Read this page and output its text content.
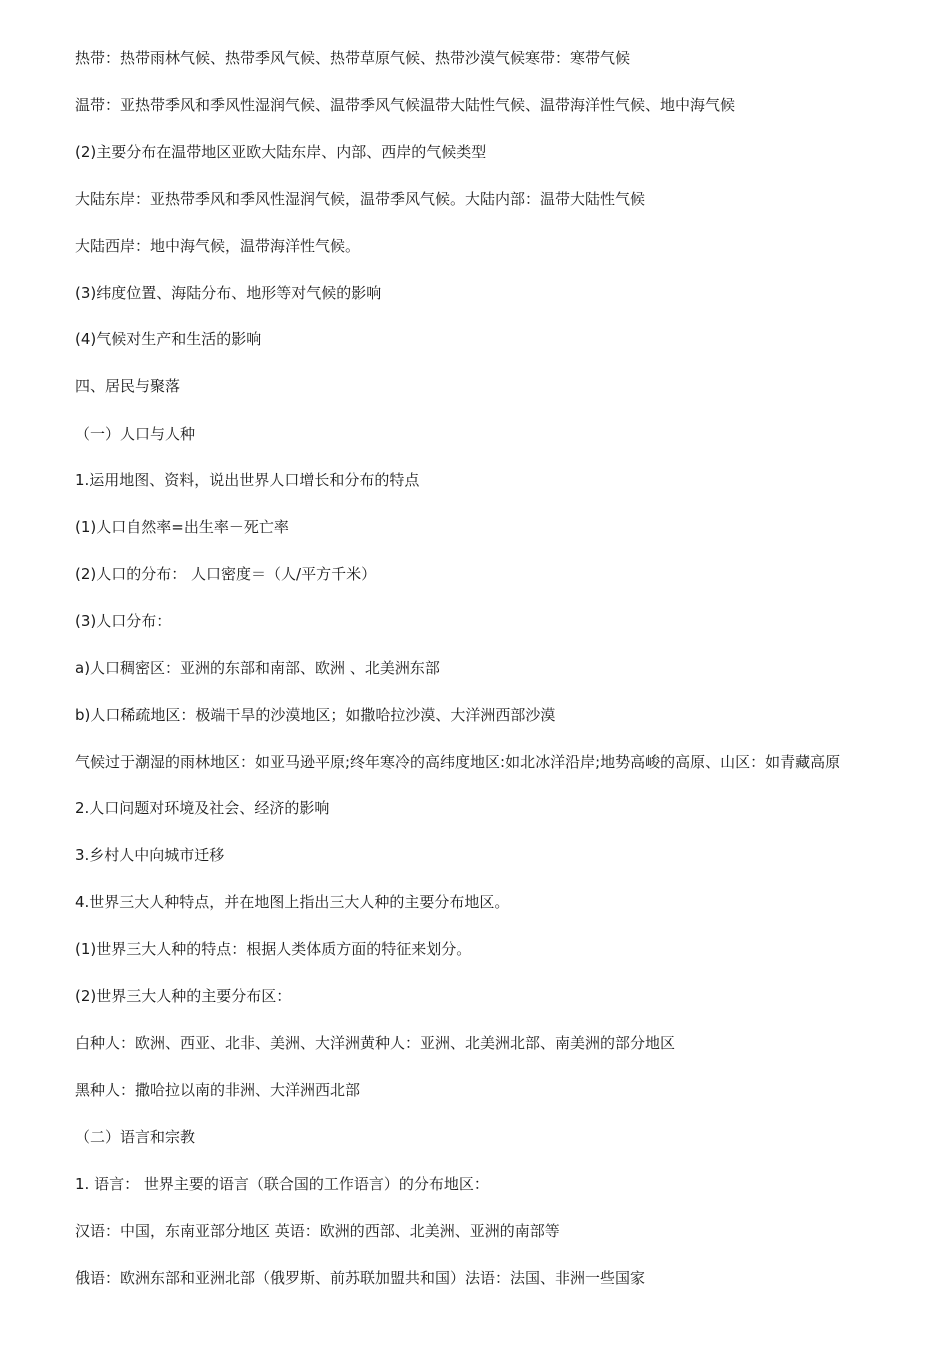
热带：热带雨林气候、热带季风气候、热带草原气候、热带沙漠气候寒带：寒带气候
温带：亚热带季风和季风性湿润气候、温带季风气候温带大陆性气候、温带海洋性气候、地中海气候
(2)主要分布在温带地区亚欧大陆东岸、内部、西岸的气候类型
大陆东岸：亚热带季风和季风性湿润气候，温带季风气候。大陆内部：温带大陆性气候
大陆西岸：地中海气候，温带海洋性气候。
(3)纬度位置、海陆分布、地形等对气候的影响
(4)气候对生产和生活的影响
四、居民与聚落
（一）人口与人种
1.运用地图、资料，说出世界人口增长和分布的特点
(1)人口自然率=出生率－死亡率
(2)人口的分布： 人口密度＝（人/平方千米）
(3)人口分布：
a)人口稠密区：亚洲的东部和南部、欧洲 、北美洲东部
b)人口稀疏地区：极端干旱的沙漠地区；如撒哈拉沙漠、大洋洲西部沙漠
气候过于潮湿的雨林地区：如亚马逊平原;终年寒冷的高纬度地区:如北冰洋沿岸;地势高峻的高原、山区：如青藏高原
2.人口问题对环境及社会、经济的影响
3.乡村人中向城市迁移
4.世界三大人种特点，并在地图上指出三大人种的主要分布地区。
(1)世界三大人种的特点：根据人类体质方面的特征来划分。
(2)世界三大人种的主要分布区：
白种人：欧洲、西亚、北非、美洲、大洋洲黄种人：亚洲、北美洲北部、南美洲的部分地区
黑种人：撒哈拉以南的非洲、大洋洲西北部
（二）语言和宗教
1. 语言： 世界主要的语言（联合国的工作语言）的分布地区：
汉语：中国，东南亚部分地区 英语：欧洲的西部、北美洲、亚洲的南部等
俄语：欧洲东部和亚洲北部（俄罗斯、前苏联加盟共和国）法语：法国、非洲一些国家
